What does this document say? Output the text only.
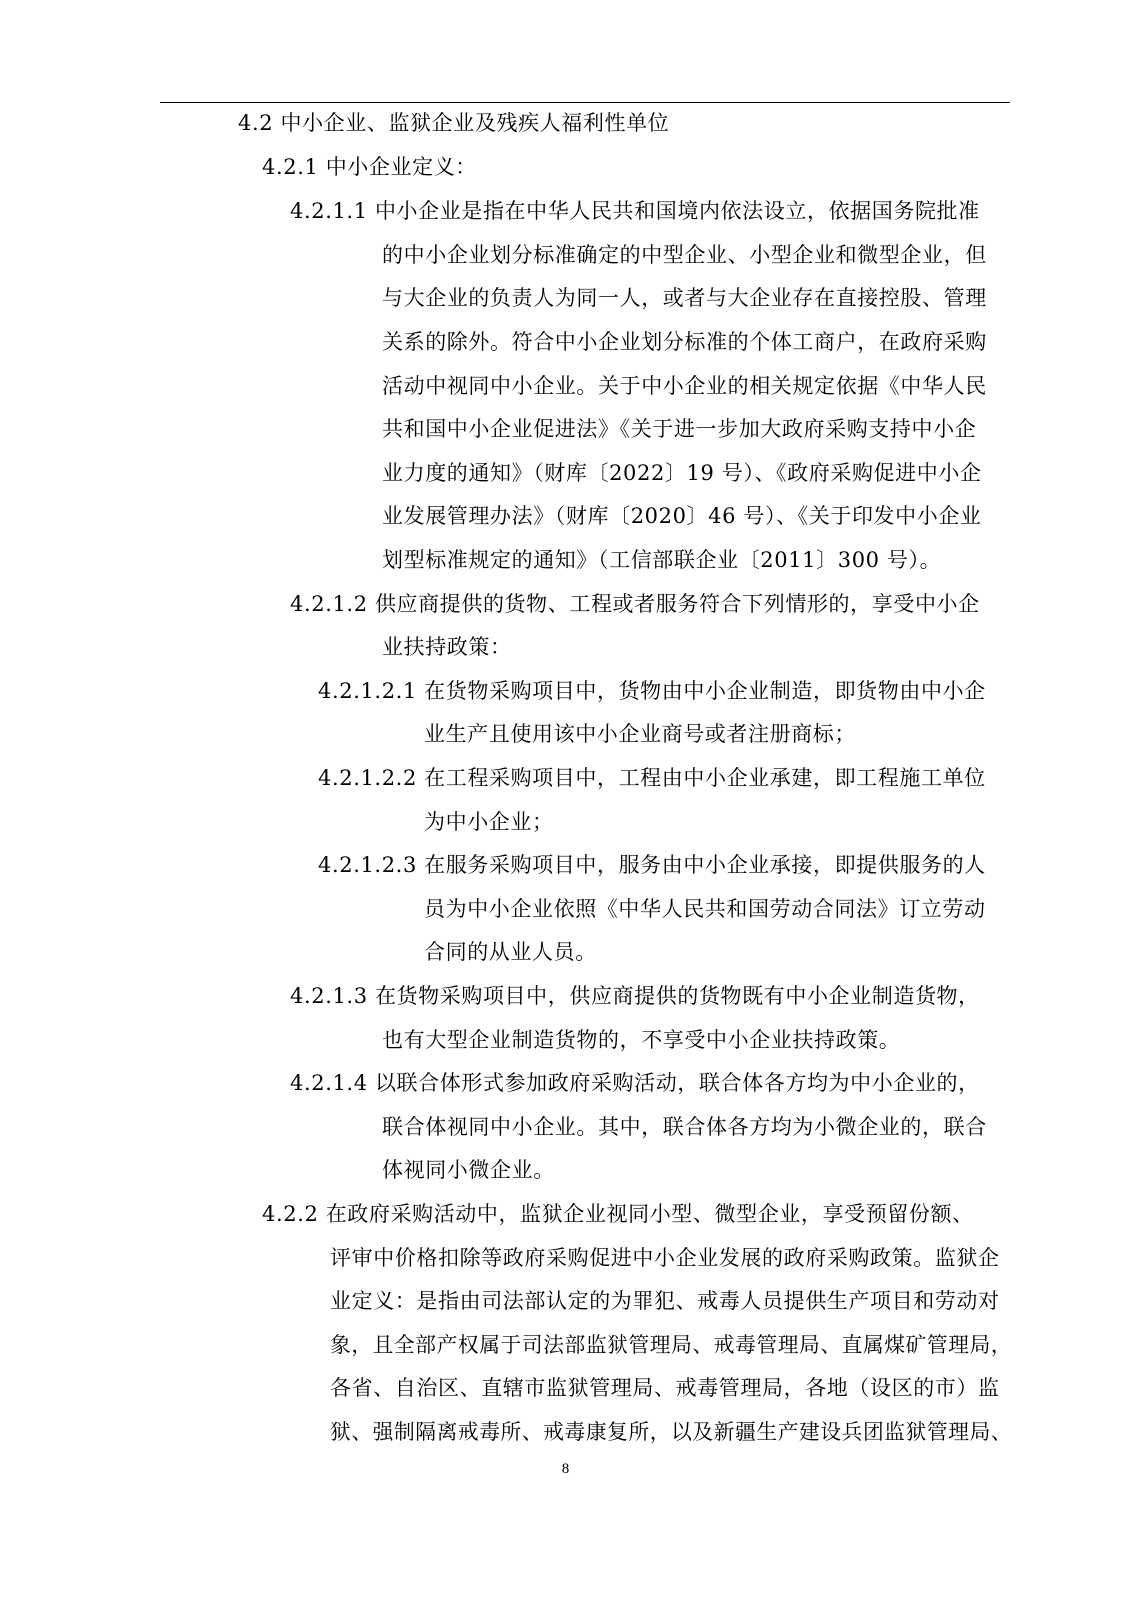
4.2 中小企业、监狱企业及残疾人福利性单位
4.2.1 中小企业定义：
4.2.1.1 中小企业是指在中华人民共和国境内依法设立，依据国务院批准
的中小企业划分标准确定的中型企业、小型企业和微型企业，但
与大企业的负责人为同一人，或者与大企业存在直接控股、管理
关系的除外。符合中小企业划分标准的个体工商户，在政府采购
活动中视同中小企业。关于中小企业的相关规定依据《中华人民
共和国中小企业促进法》《关于进一步加大政府采购支持中小企
业力度的通知》（财库〔2022〕19 号）、《政府采购促进中小企
业发展管理办法》（财库〔2020〕46 号）、《关于印发中小企业
划型标准规定的通知》（工信部联企业〔2011〕300 号）。
4.2.1.2 供应商提供的货物、工程或者服务符合下列情形的，享受中小企
业扶持政策：
4.2.1.2.1 在货物采购项目中，货物由中小企业制造，即货物由中小企
业生产且使用该中小企业商号或者注册商标；
4.2.1.2.2 在工程采购项目中，工程由中小企业承建，即工程施工单位
为中小企业；
4.2.1.2.3 在服务采购项目中，服务由中小企业承接，即提供服务的人
员为中小企业依照《中华人民共和国劳动合同法》订立劳动
合同的从业人员。
4.2.1.3 在货物采购项目中，供应商提供的货物既有中小企业制造货物，
也有大型企业制造货物的，不享受中小企业扶持政策。
4.2.1.4 以联合体形式参加政府采购活动，联合体各方均为中小企业的，
联合体视同中小企业。其中，联合体各方均为小微企业的，联合
体视同小微企业。
4.2.2 在政府采购活动中，监狱企业视同小型、微型企业，享受预留份额、
评审中价格扣除等政府采购促进中小企业发展的政府采购政策。监狱企
业定义：是指由司法部认定的为罪犯、戒毒人员提供生产项目和劳动对
象，且全部产权属于司法部监狱管理局、戒毒管理局、直属煤矿管理局，
各省、自治区、直辖市监狱管理局、戒毒管理局，各地（设区的市）监
狱、强制隔离戒毒所、戒毒康复所，以及新疆生产建设兵团监狱管理局、
8
